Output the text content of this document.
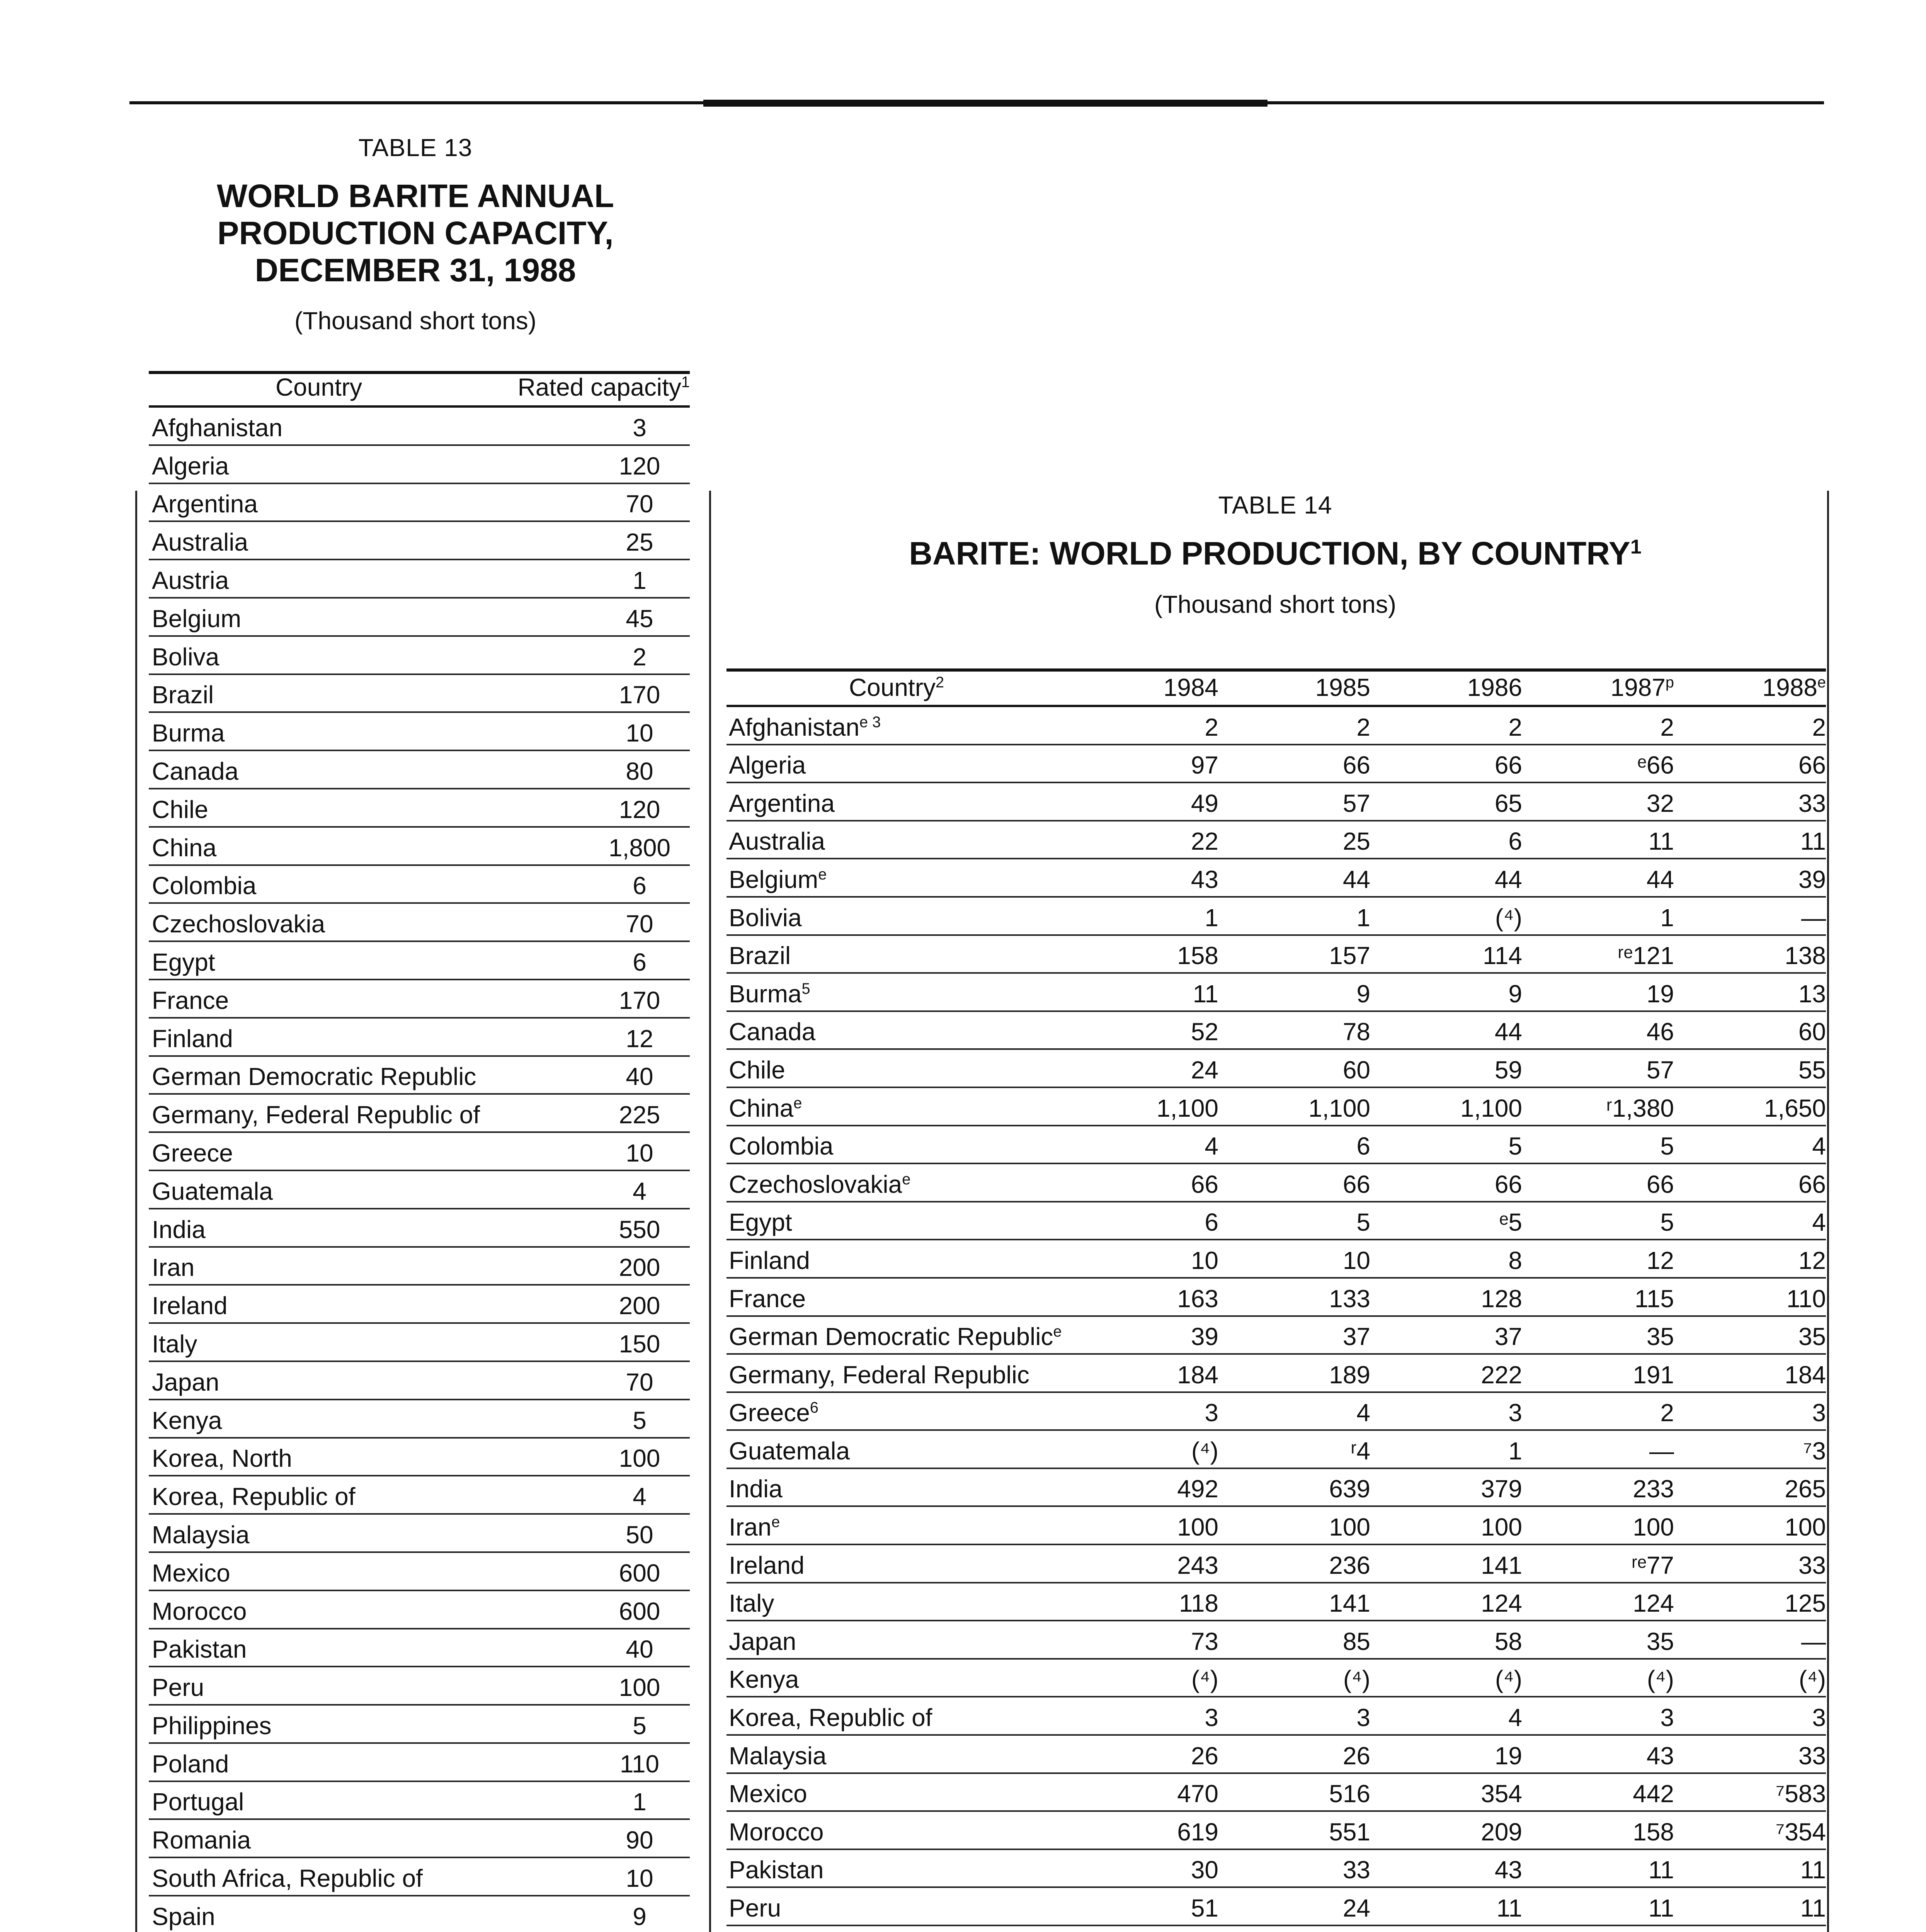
TABLE 13
WORLD BARITE ANNUAL
PRODUCTION CAPACITY,
DECEMBER 31, 1988
(Thousand short tons)
Country	Rated capacity$^1$
Afghanistan	3
Algeria	120
Argentina	70
Australia	25
Austria	1
Belgium	45
Boliva	2
Brazil	170
Burma	10
Canada	80
Chile	120
China	1,800
Colombia	6
Czechoslovakia	70
Egypt	6
France	170
Finland	12
German Democratic Republic	40
Germany, Federal Republic of	225
Greece	10
Guatemala	4
India	550
Iran	200
Ireland	200
Italy	150
Japan	70
Kenya	5
Korea, North	100
Korea, Republic of	4
Malaysia	50
Mexico	600
Morocco	600
Pakistan	40
Peru	100
Philippines	5
Poland	110
Portugal	1
Romania	90
South Africa, Republic of	10
Spain	9
TABLE 14
BARITE: WORLD PRODUCTION, BY COUNTRY$^1$
(Thousand short tons)
Country$^2$	1984	1985	1986	1987$^p$	1988e
Afghanistan$^{e 3}$	2	2	2	2	2
Algeria	97	66	66	ᵉ66	66
Argentina	49	57	65	32	33
Australia	22	25	6	11	11
Belgium$^e$	43	44	44	44	39
Bolivia	1	1	(⁴)	1	—
Brazil	158	157	114	ʳᵉ121	138
Burma$^5$	11	9	9	19	13
Canada	52	78	44	46	60
Chile	24	60	59	57	55
China$^e$	1,100	1,100	1,100	ʳ1,380	1,650
Colombia	4	6	5	5	4
Czechoslovakia$^e$	66	66	66	66	66
Egypt	6	5	ᵉ5	5	4
Finland	10	10	8	12	12
France	163	133	128	115	110
German Democratic Republic$^e$	39	37	37	35	35
Germany, Federal Republic	184	189	222	191	184
Greece$^6$	3	4	3	2	3
Guatemala	(⁴)	ʳ4	1	—	⁷3
India	492	639	379	233	265
Iran$^e$	100	100	100	100	100
Ireland	243	236	141	ʳᵉ77	33
Italy	118	141	124	124	125
Japan	73	85	58	35	—
Kenya	(⁴)	(⁴)	(⁴)	(⁴)	(⁴)
Korea, Republic of	3	3	4	3	3
Malaysia	26	26	19	43	33
Mexico	470	516	354	442	⁷583
Morocco	619	551	209	158	⁷354
Pakistan	30	33	43	11	11
Peru	51	24	11	11	11
